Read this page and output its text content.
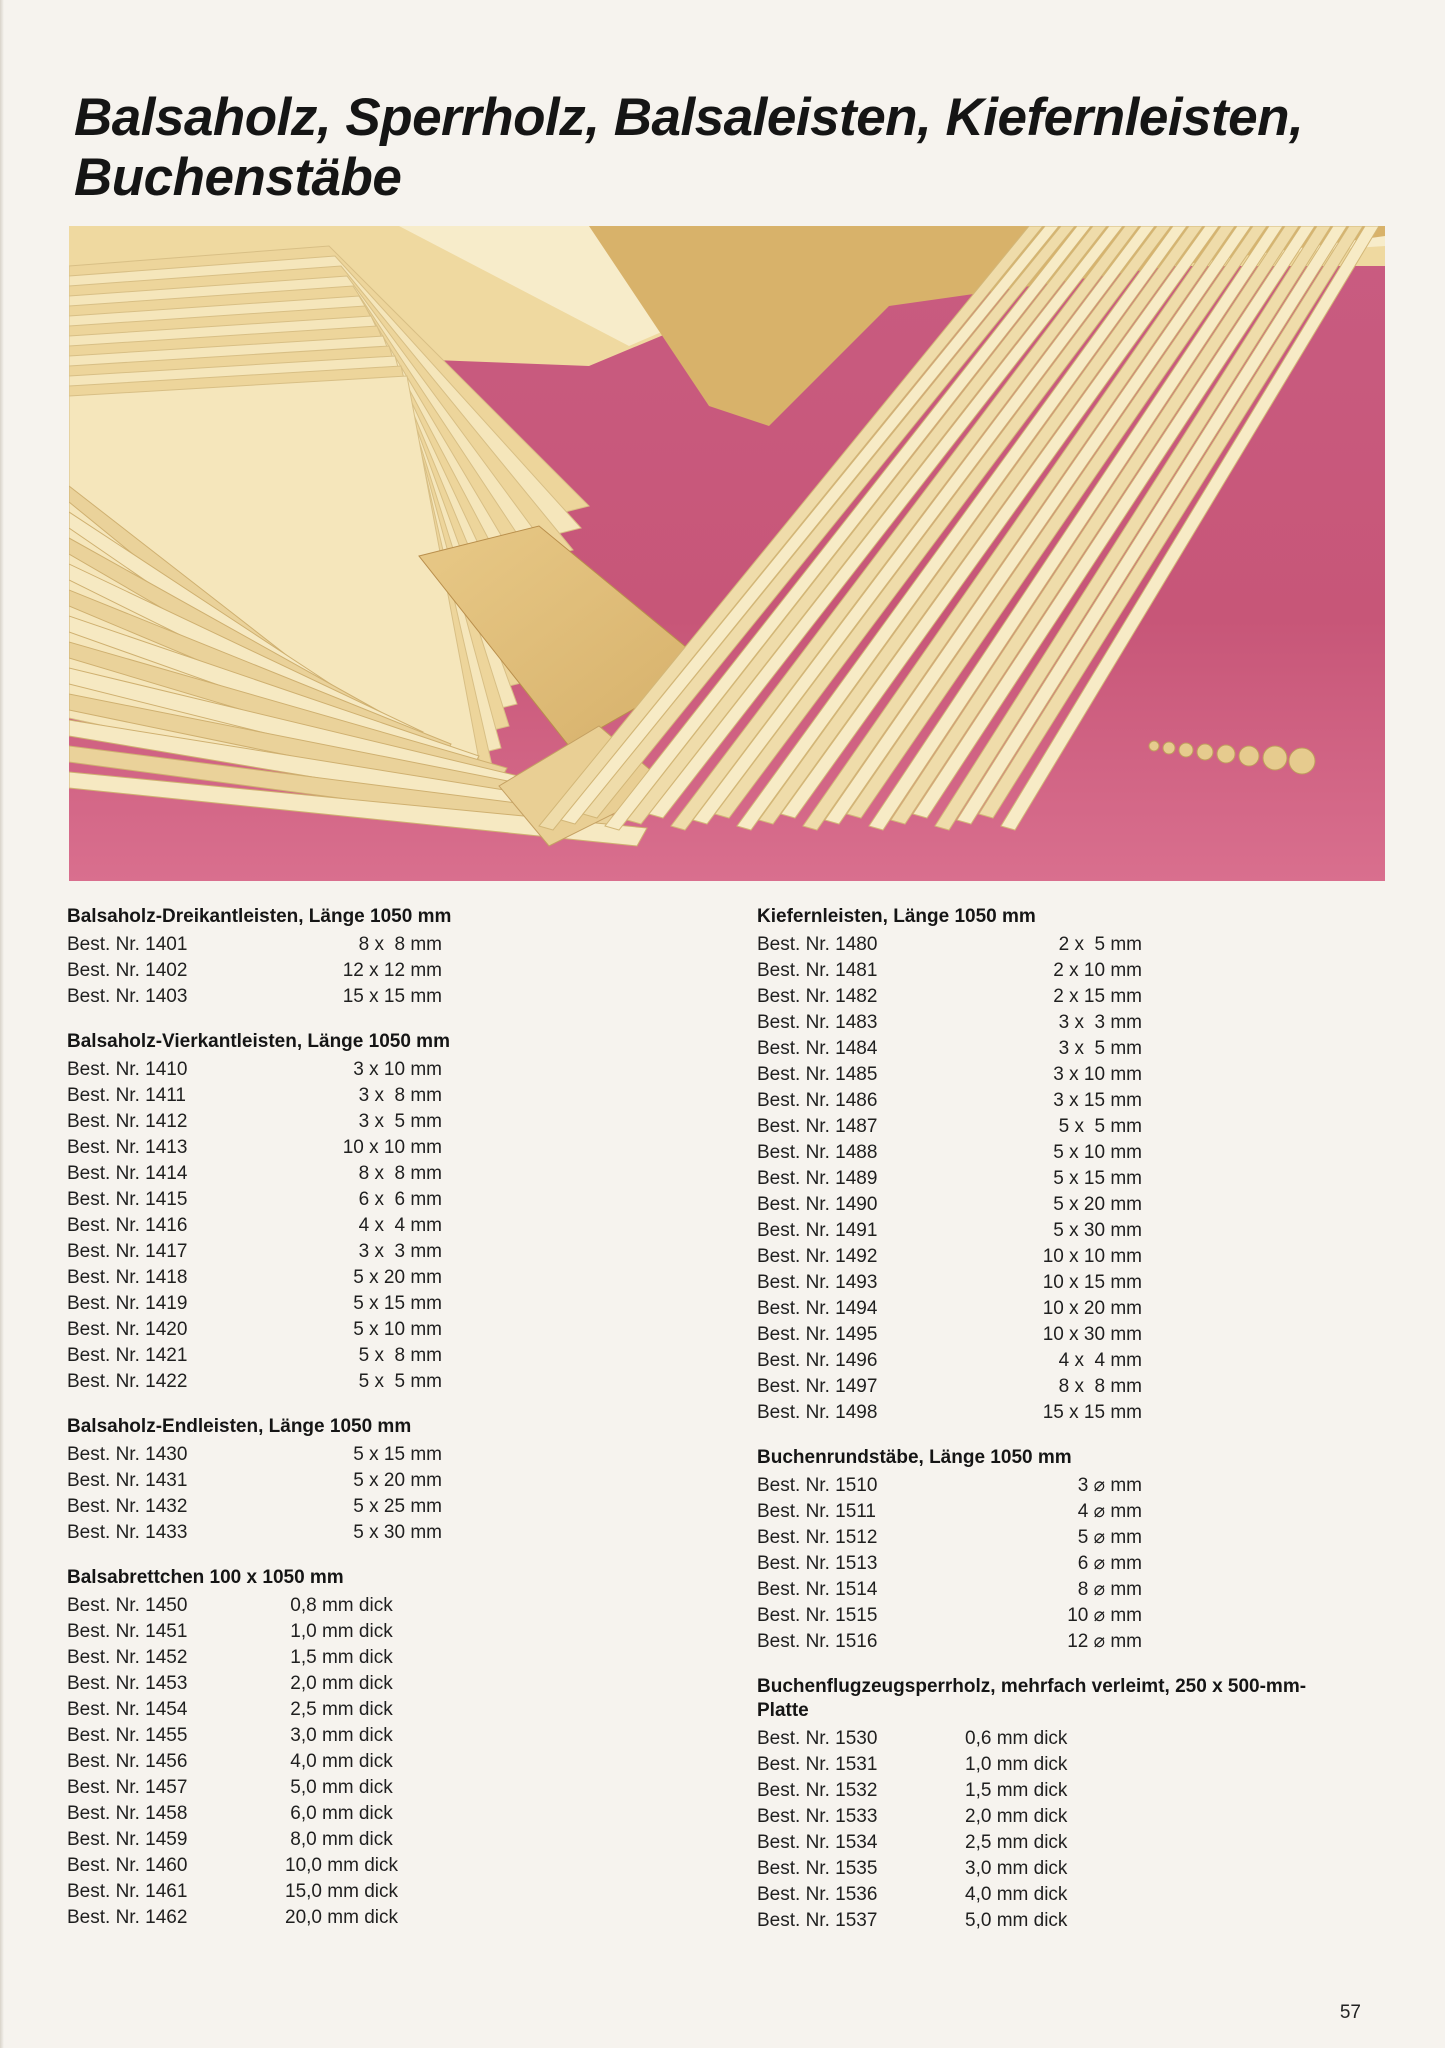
Balsaholz, Sperrholz, Balsaleisten, Kiefernleisten,
Buchenstäbe
Balsaholz-Dreikantleisten, Länge 1050 mm
Best. Nr. 1401	8 x  8 mm
Best. Nr. 1402	12 x 12 mm
Best. Nr. 1403	15 x 15 mm
Balsaholz-Vierkantleisten, Länge 1050 mm
Best. Nr. 1410	3 x 10 mm
Best. Nr. 1411	3 x  8 mm
Best. Nr. 1412	3 x  5 mm
Best. Nr. 1413	10 x 10 mm
Best. Nr. 1414	8 x  8 mm
Best. Nr. 1415	6 x  6 mm
Best. Nr. 1416	4 x  4 mm
Best. Nr. 1417	3 x  3 mm
Best. Nr. 1418	5 x 20 mm
Best. Nr. 1419	5 x 15 mm
Best. Nr. 1420	5 x 10 mm
Best. Nr. 1421	5 x  8 mm
Best. Nr. 1422	5 x  5 mm
Balsaholz-Endleisten, Länge 1050 mm
Best. Nr. 1430	5 x 15 mm
Best. Nr. 1431	5 x 20 mm
Best. Nr. 1432	5 x 25 mm
Best. Nr. 1433	5 x 30 mm
Balsabrettchen 100 x 1050 mm
Best. Nr. 1450	0,8 mm dick
Best. Nr. 1451	1,0 mm dick
Best. Nr. 1452	1,5 mm dick
Best. Nr. 1453	2,0 mm dick
Best. Nr. 1454	2,5 mm dick
Best. Nr. 1455	3,0 mm dick
Best. Nr. 1456	4,0 mm dick
Best. Nr. 1457	5,0 mm dick
Best. Nr. 1458	6,0 mm dick
Best. Nr. 1459	8,0 mm dick
Best. Nr. 1460	10,0 mm dick
Best. Nr. 1461	15,0 mm dick
Best. Nr. 1462	20,0 mm dick
Kiefernleisten, Länge 1050 mm
Best. Nr. 1480	2 x  5 mm
Best. Nr. 1481	2 x 10 mm
Best. Nr. 1482	2 x 15 mm
Best. Nr. 1483	3 x  3 mm
Best. Nr. 1484	3 x  5 mm
Best. Nr. 1485	3 x 10 mm
Best. Nr. 1486	3 x 15 mm
Best. Nr. 1487	5 x  5 mm
Best. Nr. 1488	5 x 10 mm
Best. Nr. 1489	5 x 15 mm
Best. Nr. 1490	5 x 20 mm
Best. Nr. 1491	5 x 30 mm
Best. Nr. 1492	10 x 10 mm
Best. Nr. 1493	10 x 15 mm
Best. Nr. 1494	10 x 20 mm
Best. Nr. 1495	10 x 30 mm
Best. Nr. 1496	4 x  4 mm
Best. Nr. 1497	8 x  8 mm
Best. Nr. 1498	15 x 15 mm
Buchenrundstäbe, Länge 1050 mm
Best. Nr. 1510	3 ⌀ mm
Best. Nr. 1511	4 ⌀ mm
Best. Nr. 1512	5 ⌀ mm
Best. Nr. 1513	6 ⌀ mm
Best. Nr. 1514	8 ⌀ mm
Best. Nr. 1515	10 ⌀ mm
Best. Nr. 1516	12 ⌀ mm
Buchenflugzeugsperrholz, mehrfach verleimt, 250 x 500-mm-Platte
Best. Nr. 1530	0,6 mm dick
Best. Nr. 1531	1,0 mm dick
Best. Nr. 1532	1,5 mm dick
Best. Nr. 1533	2,0 mm dick
Best. Nr. 1534	2,5 mm dick
Best. Nr. 1535	3,0 mm dick
Best. Nr. 1536	4,0 mm dick
Best. Nr. 1537	5,0 mm dick
57
